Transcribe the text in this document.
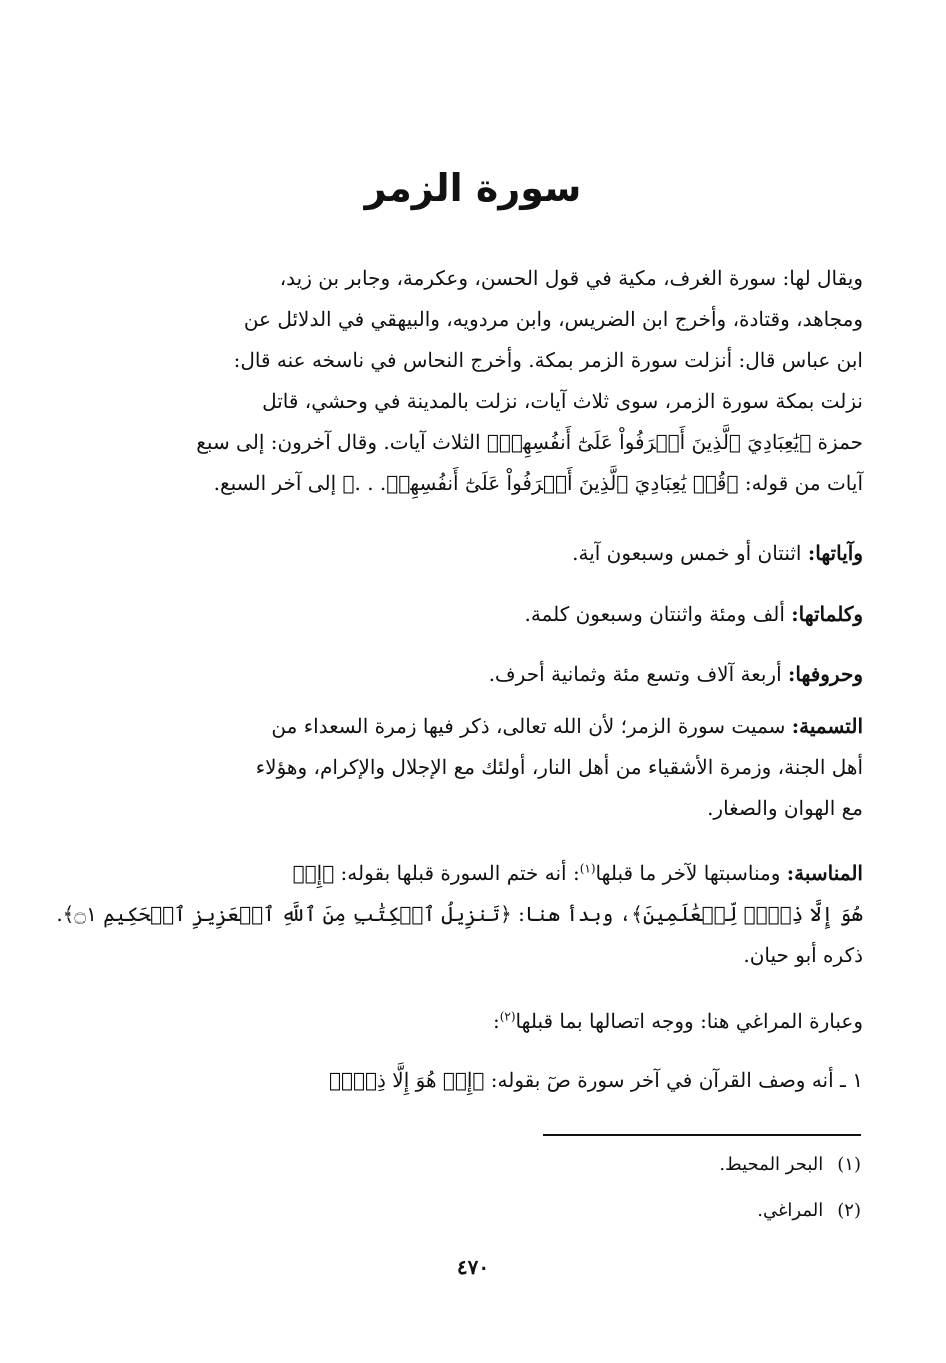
سورة الزمر
ويقال لها: سورة الغرف، مكية في قول الحسن، وعكرمة، وجابر بن زيد،
ومجاهد، وقتادة، وأخرج ابن الضريس، وابن مردويه، والبيهقي في الدلائل عن
ابن عباس قال: أنزلت سورة الزمر بمكة. وأخرج النحاس في ناسخه عنه قال:
نزلت بمكة سورة الزمر، سوى ثلاث آيات، نزلت بالمدينة في وحشي، قاتل
حمزة ﴿يَٰعِبَادِيَ ٱلَّذِينَ أَسۡرَفُواْ عَلَىٰٓ أَنفُسِهِمۡ﴾ الثلاث آيات. وقال آخرون: إلى سبع
آيات من قوله: ﴿قُلۡ يَٰعِبَادِيَ ٱلَّذِينَ أَسۡرَفُواْ عَلَىٰٓ أَنفُسِهِمۡ. . .﴾ إلى آخر السبع.
وآياتها: اثنتان أو خمس وسبعون آية.
وكلماتها: ألف ومئة واثنتان وسبعون كلمة.
وحروفها: أربعة آلاف وتسع مئة وثمانية أحرف.
التسمية: سميت سورة الزمر؛ لأن الله تعالى، ذكر فيها زمرة السعداء من
أهل الجنة، وزمرة الأشقياء من أهل النار، أولئك مع الإجلال والإكرام، وهؤلاء
مع الهوان والصغار.
المناسبة: ومناسبتها لآخر ما قبلها$^{(١)}$: أنه ختم السورة قبلها بقوله: ﴿إِنۡ
هُوَ إِلَّا ذِكۡرٞ لِّلۡعَٰلَمِينَ﴾، وبدأ هنا: ﴿تَنزِيلُ ٱلۡكِتَٰبِ مِنَ ٱللَّهِ ٱلۡعَزِيزِ ٱلۡحَكِيمِ ۝١﴾.
ذكره أبو حيان.
وعبارة المراغي هنا: ووجه اتصالها بما قبلها$^{(٢)}$:
١ ـ أنه وصف القرآن في آخر سورة صٓ بقوله: ﴿إِنۡ هُوَ إِلَّا ذِكۡرٞ
(١)البحر المحيط.
(٢)المراغي.
٤٧٠
